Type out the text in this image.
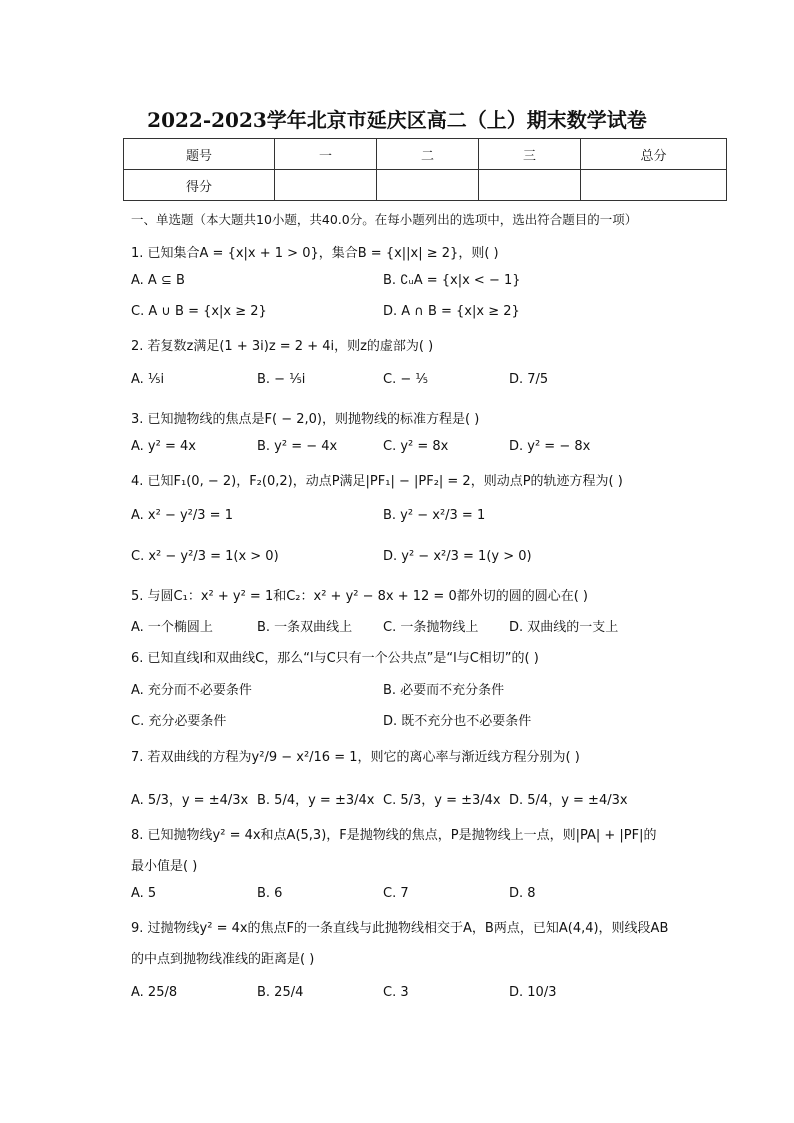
2022-2023学年北京市延庆区高二（上）期末数学试卷
题号	一	二	三	总分
得分				
一、单选题（本大题共10小题，共40.0分。在每小题列出的选项中，选出符合题目的一项）
1. 已知集合A = {x|x + 1 > 0}，集合B = {x||x| ≥ 2}，则( )
A. A ⊆ B	B. ∁ᵤA = {x|x < − 1}
C. A ∪ B = {x|x ≥ 2}	D. A ∩ B = {x|x ≥ 2}
2. 若复数z满足(1 + 3i)z = 2 + 4i，则z的虚部为( )
A. ⅕i	B. − ⅕i	C. − ⅕	D. 7/5
3. 已知抛物线的焦点是F( − 2,0)，则抛物线的标准方程是( )
A. y² = 4x	B. y² = − 4x	C. y² = 8x	D. y² = − 8x
4. 已知F₁(0, − 2)，F₂(0,2)，动点P满足|PF₁| − |PF₂| = 2，则动点P的轨迹方程为( )
A. x² − y²/3 = 1	B. y² − x²/3 = 1
C. x² − y²/3 = 1(x > 0)	D. y² − x²/3 = 1(y > 0)
5. 与圆C₁：x² + y² = 1和C₂：x² + y² − 8x + 12 = 0都外切的圆的圆心在( )
A. 一个椭圆上	B. 一条双曲线上 C. 一条抛物线上 D. 双曲线的一支上
6. 已知直线l和双曲线C，那么“l与C只有一个公共点”是“l与C相切”的( )
A. 充分而不必要条件	B. 必要而不充分条件
C. 充分必要条件	D. 既不充分也不必要条件
7. 若双曲线的方程为y²/9 − x²/16 = 1，则它的离心率与渐近线方程分别为( )
A. 5/3，y = ±4/3x B. 5/4，y = ±3/4x C. 5/3，y = ±3/4x D. 5/4，y = ±4/3x
8. 已知抛物线y² = 4x和点A(5,3)，F是抛物线的焦点，P是抛物线上一点，则|PA| + |PF|的
最小值是( )
A. 5	B. 6	C. 7	D. 8
9. 过抛物线y² = 4x的焦点F的一条直线与此抛物线相交于A，B两点，已知A(4,4)，则线段AB
的中点到抛物线准线的距离是( )
A. 25/8	B. 25/4	C. 3	D. 10/3
